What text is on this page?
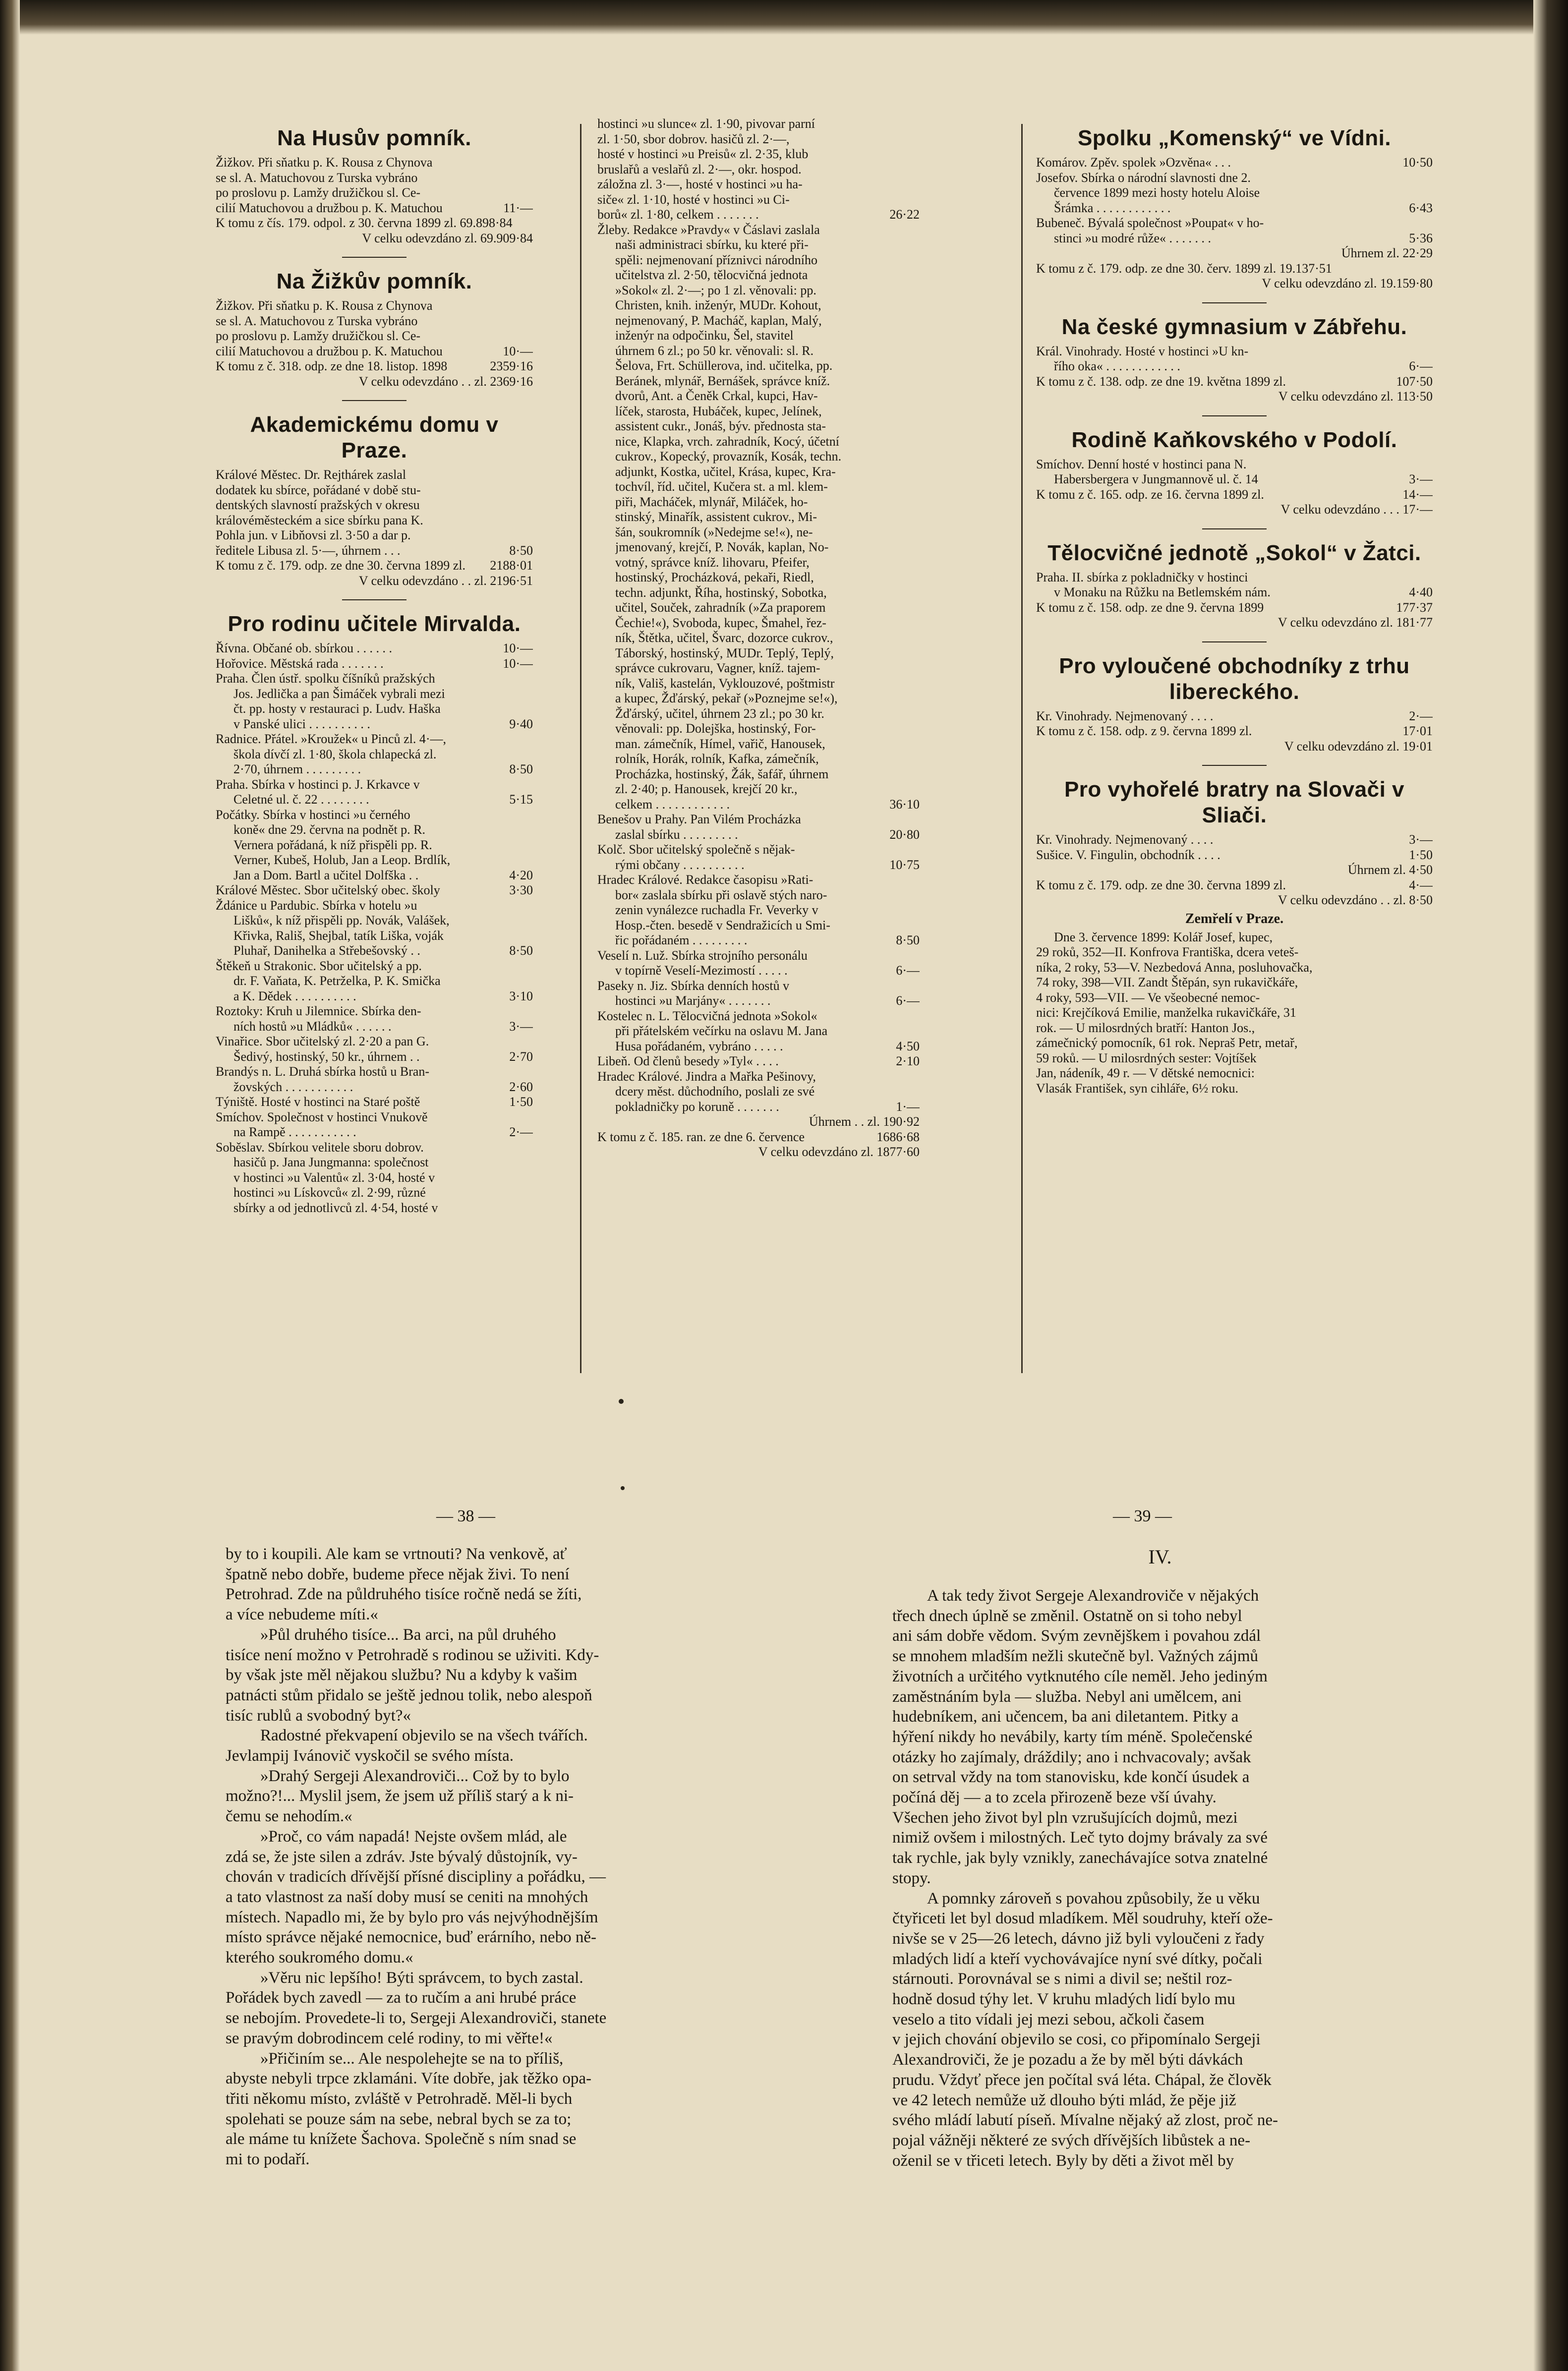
Na Husův pomník.
Žižkov. Při sňatku p. K. Rousa z Chynova
se sl. A. Matuchovou z Turska vybráno
po proslovu p. Lamžy družičkou sl. Ce-
cilií Matuchovou a družbou p. K. Matuchou	11·—
K tomu z čís. 179. odpol. z 30. června 1899 zl. 69.898·84
V celku odevzdáno zl. 69.909·84
Na Žižkův pomník.
Žižkov. Při sňatku p. K. Rousa z Chynova
se sl. A. Matuchovou z Turska vybráno
po proslovu p. Lamžy družičkou sl. Ce-
cilií Matuchovou a družbou p. K. Matuchou	10·—
K tomu z č. 318. odp. ze dne 18. listop. 1898	2359·16
V celku odevzdáno . . zl. 2369·16
Akademickému domu v Praze.
Králové Městec. Dr. Rejthárek zaslal
dodatek ku sbírce, pořádané v době stu-
dentských slavností pražských v okresu
královéměsteckém a sice sbírku pana K.
Pohla jun. v Libňovsi zl. 3·50 a dar p.
ředitele Libusa zl. 5·—, úhrnem . . .	8·50
K tomu z č. 179. odp. ze dne 30. června 1899 zl.	2188·01
V celku odevzdáno . . zl. 2196·51
Pro rodinu učitele Mirvalda.
Řívna. Občané ob. sbírkou . . . . . .	10·—
Hořovice. Městská rada . . . . . . .	10·—
Praha. Člen ústř. spolku číšníků pražských
Jos. Jedlička a pan Šimáček vybrali mezi
čt. pp. hosty v restauraci p. Ludv. Haška
v Panské ulici . . . . . . . . . .	9·40
Radnice. Přátel. »Kroužek« u Pinců zl. 4·—,
škola dívčí zl. 1·80, škola chlapecká zl.
2·70, úhrnem . . . . . . . . .	8·50
Praha. Sbírka v hostinci p. J. Krkavce v
Celetné ul. č. 22 . . . . . . . .	5·15
Počátky. Sbírka v hostinci »u černého
koně« dne 29. června na podnět p. R.
Vernera pořádaná, k níž přispěli pp. R.
Verner, Kubeš, Holub, Jan a Leop. Brdlík,
Jan a Dom. Bartl a učitel Dolfška . .	4·20
Králové Městec. Sbor učitelský obec. školy	3·30
Ždánice u Pardubic. Sbírka v hotelu »u
Lišků«, k níž přispěli pp. Novák, Valášek,
Křivka, Rališ, Shejbal, tatík Liška, voják
Pluhař, Danihelka a Střebešovský . .	8·50
Štěkeň u Strakonic. Sbor učitelský a pp.
dr. F. Vaňata, K. Petrželka, P. K. Smička
a K. Dědek . . . . . . . . . .	3·10
Roztoky: Kruh u Jilemnice. Sbírka den-
ních hostů »u Mládků« . . . . . .	3·—
Vinařice. Sbor učitelský zl. 2·20 a pan G.
Šedivý, hostinský, 50 kr., úhrnem . .	2·70
Brandýs n. L. Druhá sbírka hostů u Bran-
žovských . . . . . . . . . . .	2·60
Týniště. Hosté v hostinci na Staré poště	1·50
Smíchov. Společnost v hostinci Vnukově
na Rampě . . . . . . . . . . .	2·—
Soběslav. Sbírkou velitele sboru dobrov.
hasičů p. Jana Jungmanna: společnost
v hostinci »u Valentů« zl. 3·04, hosté v
hostinci »u Lískovců« zl. 2·99, různé
sbírky a od jednotlivců zl. 4·54, hosté v
hostinci »u slunce« zl. 1·90, pivovar parní
zl. 1·50, sbor dobrov. hasičů zl. 2·—,
hosté v hostinci »u Preisů« zl. 2·35, klub
bruslařů a veslařů zl. 2·—, okr. hospod.
záložna zl. 3·—, hosté v hostinci »u ha-
siče« zl. 1·10, hosté v hostinci »u Ci-
borů« zl. 1·80, celkem . . . . . . .	26·22
Žleby. Redakce »Pravdy« v Čáslavi zaslala
naši administraci sbírku, ku které při-
spěli: nejmenovaní příznivci národního
učitelstva zl. 2·50, tělocvičná jednota
»Sokol« zl. 2·—; po 1 zl. věnovali: pp.
Christen, knih. inženýr, MUDr. Kohout,
nejmenovaný, P. Macháč, kaplan, Malý,
inženýr na odpočinku, Šel, stavitel
úhrnem 6 zl.; po 50 kr. věnovali: sl. R.
Šelova, Frt. Schüllerova, ind. učitelka, pp.
Beránek, mlynář, Bernášek, správce kníž.
dvorů, Ant. a Čeněk Crkal, kupci, Hav-
líček, starosta, Hubáček, kupec, Jelínek,
assistent cukr., Jonáš, býv. přednosta sta-
nice, Klapka, vrch. zahradník, Kocý, účetní
cukrov., Kopecký, provazník, Kosák, techn.
adjunkt, Kostka, učitel, Krása, kupec, Kra-
tochvíl, říd. učitel, Kučera st. a ml. klem-
piři, Macháček, mlynář, Miláček, ho-
stinský, Minařík, assistent cukrov., Mi-
šán, soukromník (»Nedejme se!«), ne-
jmenovaný, krejčí, P. Novák, kaplan, No-
votný, správce kníž. lihovaru, Pfeifer,
hostinský, Procházková, pekaři, Riedl,
techn. adjunkt, Říha, hostinský, Sobotka,
učitel, Souček, zahradník (»Za praporem
Čechie!«), Svoboda, kupec, Šmahel, řez-
ník, Štětka, učitel, Švarc, dozorce cukrov.,
Táborský, hostinský, MUDr. Teplý, Teplý,
správce cukrovaru, Vagner, kníž. tajem-
ník, Vališ, kastelán, Vyklouzové, poštmistr
a kupec, Žďárský, pekař (»Poznejme se!«),
Žďárský, učitel, úhrnem 23 zl.; po 30 kr.
věnovali: pp. Dolejška, hostinský, For-
man. zámečník, Hímel, vařič, Hanousek,
rolník, Horák, rolník, Kafka, zámečník,
Procházka, hostinský, Žák, šafář, úhrnem
zl. 2·40; p. Hanousek, krejčí 20 kr.,
celkem . . . . . . . . . . . .	36·10
Benešov u Prahy. Pan Vilém Procházka
zaslal sbírku . . . . . . . . .	20·80
Kolč. Sbor učitelský společně s nějak-
rými občany . . . . . . . . . .	10·75
Hradec Králové. Redakce časopisu »Rati-
bor« zaslala sbírku při oslavě stých naro-
zenin vynálezce ruchadla Fr. Veverky v
Hosp.-čten. besedě v Sendražicích u Smi-
řic pořádaném . . . . . . . . .	8·50
Veselí n. Luž. Sbírka strojního personálu
v topírně Veselí-Mezimostí . . . . .	6·—
Paseky n. Jiz. Sbírka denních hostů v
hostinci »u Marjány« . . . . . . .	6·—
Kostelec n. L. Tělocvičná jednota »Sokol«
při přátelském večírku na oslavu M. Jana
Husa pořádaném, vybráno . . . . .	4·50
Libeň. Od členů besedy »Tyl« . . . .	2·10
Hradec Králové. Jindra a Mařka Pešinovy,
dcery měst. důchodního, poslali ze své
pokladničky po koruně . . . . . . .	1·—
Úhrnem . . zl. 190·92
K tomu z č. 185. ran. ze dne 6. července	1686·68
V celku odevzdáno zl. 1877·60
Spolku „Komenský“ ve Vídni.
Komárov. Zpěv. spolek »Ozvěna« . . .	10·50
Josefov. Sbírka o národní slavnosti dne 2.
července 1899 mezi hosty hotelu Aloise
Šrámka . . . . . . . . . . . .	6·43
Bubeneč. Bývalá společnost »Poupat« v ho-
stinci »u modré růže« . . . . . . .	5·36
Úhrnem zl. 22·29
K tomu z č. 179. odp. ze dne 30. červ. 1899 zl. 19.137·51
V celku odevzdáno zl. 19.159·80
Na české gymnasium v Zábřehu.
Král. Vinohrady. Hosté v hostinci »U kn-
řího oka« . . . . . . . . . . . .	6·—
K tomu z č. 138. odp. ze dne 19. května 1899 zl.	107·50
V celku odevzdáno zl. 113·50
Rodině Kaňkovského v Podolí.
Smíchov. Denní hosté v hostinci pana N.
Habersbergera v Jungmannově ul. č. 14	3·—
K tomu z č. 165. odp. ze 16. června 1899 zl.	14·—
V celku odevzdáno . . . 17·—
Tělocvičné jednotě „Sokol“ v Žatci.
Praha. II. sbírka z pokladničky v hostinci
v Monaku na Růžku na Betlemském nám.	4·40
K tomu z č. 158. odp. ze dne 9. června 1899	177·37
V celku odevzdáno zl. 181·77
Pro vyloučené obchodníky z trhu libereckého.
Kr. Vinohrady. Nejmenovaný . . . .	2·—
K tomu z č. 158. odp. z 9. června 1899 zl.	17·01
V celku odevzdáno zl. 19·01
Pro vyhořelé bratry na Slovači v Sliači.
Kr. Vinohrady. Nejmenovaný . . . .	3·—
Sušice. V. Fingulin, obchodník . . . .	1·50
Úhrnem zl. 4·50
K tomu z č. 179. odp. ze dne 30. června 1899 zl.	4·—
V celku odevzdáno . . zl. 8·50
Zemřelí v Praze.
Dne 3. července 1899: Kolář Josef, kupec,
29 roků, 352—II. Konfrova Františka, dcera veteš-
níka, 2 roky, 53—V. Nezbedová Anna, posluhovačka,
74 roky, 398—VII. Zandt Štěpán, syn rukavičkáře,
4 roky, 593—VII. — Ve všeobecné nemoc-
nici: Krejčíková Emilie, manželka rukavičkáře, 31
rok. — U milosrdných bratří: Hanton Jos.,
zámečnický pomocník, 61 rok. Nepraš Petr, metař,
59 roků. — U milosrdných sester: Vojtíšek
Jan, nádeník, 49 r. — V dětské nemocnici:
Vlasák František, syn cihláře, 6½ roku.
— 38 —	— 39 —
by to i koupili. Ale kam se vrtnouti? Na venkově, ať
špatně nebo dobře, budeme přece nějak živi. To není
Petrohrad. Zde na půldruhého tisíce ročně nedá se žíti,
a více nebudeme míti.«
»Půl druhého tisíce... Ba arci, na půl druhého
tisíce není možno v Petrohradě s rodinou se uživiti. Kdy-
by však jste měl nějakou službu? Nu a kdyby k vašim
patnácti stům přidalo se ještě jednou tolik, nebo alespoň
tisíc rublů a svobodný byt?«
Radostné překvapení objevilo se na všech tvářích.
Jevlampij Ivánovič vyskočil se svého místa.
»Drahý Sergeji Alexandroviči... Což by to bylo
možno?!... Myslil jsem, že jsem už příliš starý a k ni-
čemu se nehodím.«
»Proč, co vám napadá! Nejste ovšem mlád, ale
zdá se, že jste silen a zdráv. Jste bývalý důstojník, vy-
chován v tradicích dřívější přísné discipliny a pořádku, —
a tato vlastnost za naší doby musí se ceniti na mnohých
místech. Napadlo mi, že by bylo pro vás nejvýhodnějším
místo správce nějaké nemocnice, buď erárního, nebo ně-
kterého soukromého domu.«
»Věru nic lepšího! Býti správcem, to bych zastal.
Pořádek bych zavedl — za to ručím a ani hrubé práce
se nebojím. Provedete-li to, Sergeji Alexandroviči, stanete
se pravým dobrodincem celé rodiny, to mi věřte!«
»Přičiním se... Ale nespolehejte se na to příliš,
abyste nebyli trpce zklamáni. Víte dobře, jak těžko opa-
třiti někomu místo, zvláště v Petrohradě. Měl-li bych
spolehati se pouze sám na sebe, nebral bych se za to;
ale máme tu knížete Šachova. Společně s ním snad se
mi to podaří.
IV.
A tak tedy život Sergeje Alexandroviče v nějakých
třech dnech úplně se změnil. Ostatně on si toho nebyl
ani sám dobře vědom. Svým zevnějškem i povahou zdál
se mnohem mladším nežli skutečně byl. Važných zájmů
životních a určitého vytknutého cíle neměl. Jeho jediným
zaměstnáním byla — služba. Nebyl ani umělcem, ani
hudebníkem, ani učencem, ba ani diletantem. Pitky a
hýření nikdy ho nevábily, karty tím méně. Společenské
otázky ho zajímaly, dráždily; ano i nchvacovaly; avšak
on setrval vždy na tom stanovisku, kde končí úsudek a
počíná děj — a to zcela přirozeně beze vší úvahy.
Všechen jeho život byl pln vzrušujících dojmů, mezi
nimiž ovšem i milostných. Leč tyto dojmy brávaly za své
tak rychle, jak byly vznikly, zanechávajíce sotva znatelné
stopy.
A pomnky zároveň s povahou způsobily, že u věku
čtyřiceti let byl dosud mladíkem. Měl soudruhy, kteří ože-
nivše se v 25—26 letech, dávno již byli vyloučeni z řady
mladých lidí a kteří vychovávajíce nyní své dítky, počali
stárnouti. Porovnával se s nimi a divil se; neštil roz-
hodně dosud týhy let. V kruhu mladých lidí bylo mu
veselo a tito vídali jej mezi sebou, ačkoli časem
v jejich chování objevilo se cosi, co připomínalo Sergeji
Alexandroviči, že je pozadu a že by měl býti dávkách
prudu. Vždyť přece jen počítal svá léta. Chápal, že člověk
ve 42 letech nemůže už dlouho býti mlád, že pěje již
svého mládí labutí píseň. Mívalne nějaký až zlost, proč ne-
pojal vážněji některé ze svých dřívějších libůstek a ne-
oženil se v třiceti letech. Byly by děti a život měl by
